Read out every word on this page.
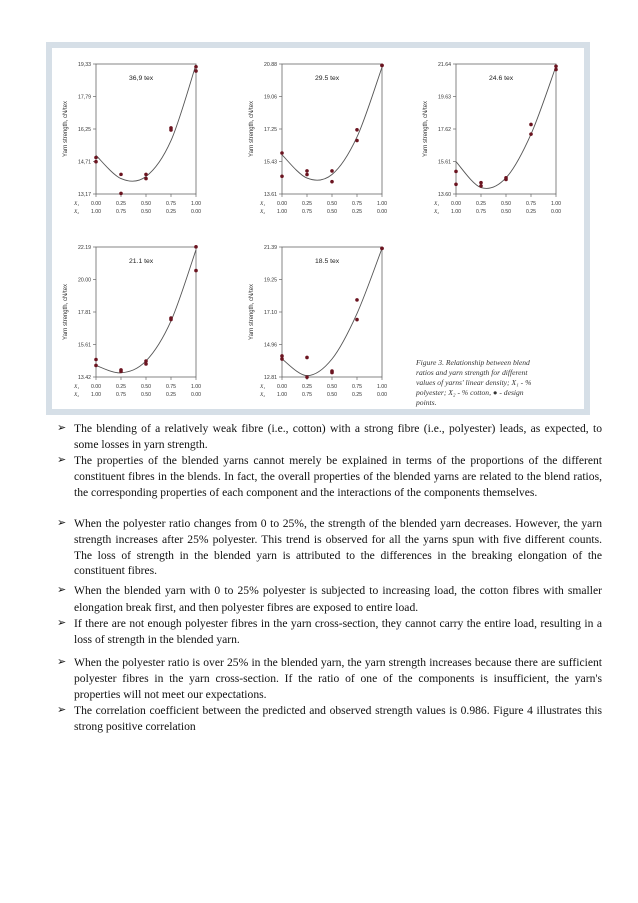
13,17
14,71
16,25
17,79
19,33
0.00
1.00
0.25
0.75
0.50
0.50
0.75
0.25
1.00
0.00
X₁
X₂
Yarn strength, cN/tex
36,9 tex
13.61
15.43
17.25
19.06
20.88
0.00
1.00
0.25
0.75
0.50
0.50
0.75
0.25
1.00
0.00
X₁
X₂
Yarn strength, cN/tex
29.5 tex
13.60
15.61
17.62
19.63
21.64
0.00
1.00
0.25
0.75
0.50
0.50
0.75
0.25
1.00
0.00
X₁
X₂
Yarn strength, cN/tex
24.6 tex
13.42
15.61
17.81
20.00
22.19
0.00
1.00
0.25
0.75
0.50
0.50
0.75
0.25
1.00
0.00
X₁
X₂
Yarn strength, cN/tex
21.1 tex
12.81
14.96
17.10
19.25
21.39
0.00
1.00
0.25
0.75
0.50
0.50
0.75
0.25
1.00
0.00
X₁
X₂
Yarn strength, cN/tex
18.5 tex
Figure 3. Relationship between blend
ratios and yarn strength for different
values of yarns' linear density; X₁ - %
polyester; X₂ - % cotton, ● - design
points.
➢ The blending of a relatively weak fibre (i.e., cotton) with a strong fibre (i.e., polyester) leads, as expected, to some losses in yarn strength.
➢ The properties of the blended yarns cannot merely be explained in terms of the proportions of the different constituent fibres in the blends. In fact, the overall properties of the blended yarns are related to the blend ratios, the corresponding properties of each component and the interactions of the components themselves.
➢ When the polyester ratio changes from 0 to 25%, the strength of the blended yarn decreases. However, the yarn strength increases after 25% polyester. This trend is observed for all the yarns spun with five different counts. The loss of strength in the blended yarn is attributed to the differences in the breaking elongation of the constituent fibres.
➢ When the blended yarn with 0 to 25% polyester is subjected to increasing load, the cotton fibres with smaller elongation break first, and then polyester fibres are exposed to entire load.
➢ If there are not enough polyester fibres in the yarn cross-section, they cannot carry the entire load, resulting in a loss of strength in the blended yarn.
➢ When the polyester ratio is over 25% in the blended yarn, the yarn strength increases because there are sufficient polyester fibres in the yarn cross-section. If the ratio of one of the components is insufficient, the yarn's properties will not meet our expectations.
➢ The correlation coefficient between the predicted and observed strength values is 0.986. Figure 4 illustrates this strong positive correlation
